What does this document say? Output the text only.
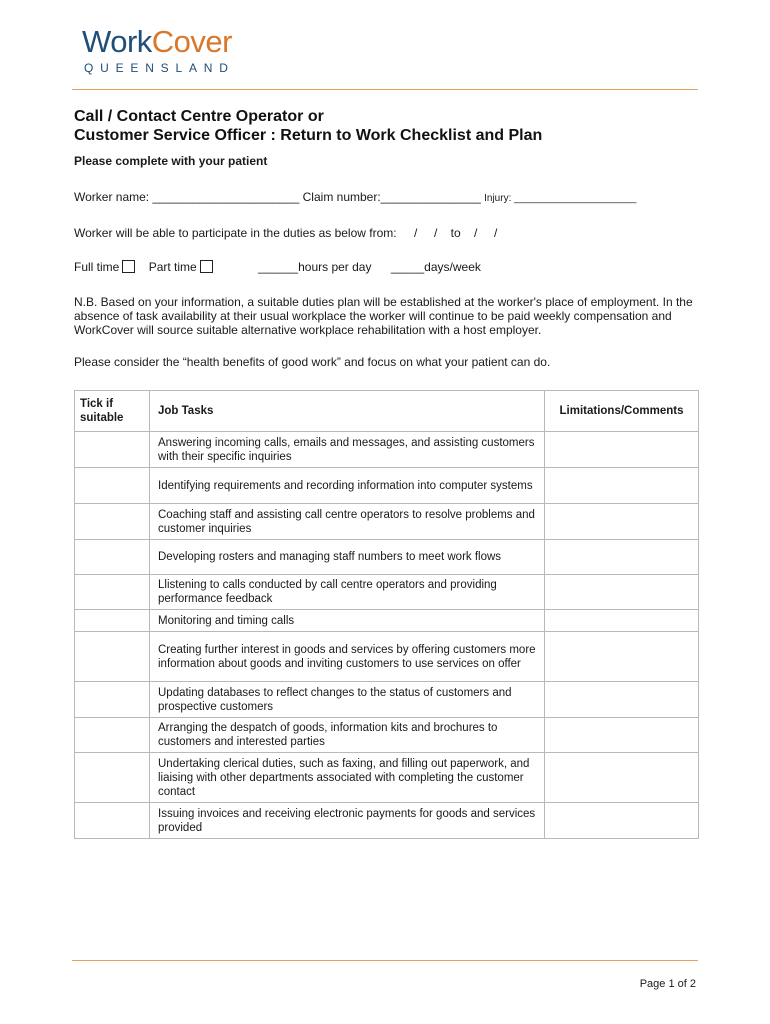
WorkCover
QUEENSLAND
Call / Contact Centre Operator or
Customer Service Officer : Return to Work Checklist and Plan
Please complete with your patient
Worker name: ______________________ Claim number:_______________ Injury: ______________________
Worker will be able to participate in the duties as below from: /     /    to    /     /
Full time Part time	______hours per day _____days/week
N.B. Based on your information, a suitable duties plan will be established at the worker's place of employment. In the absence of task availability at their usual workplace the worker will continue to be paid weekly compensation and WorkCover will source suitable alternative workplace rehabilitation with a host employer.
Please consider the “health benefits of good work” and focus on what your patient can do.
Tick if suitable	Job Tasks	Limitations/Comments
	Answering incoming calls, emails and messages, and assisting customers with their specific inquiries	
	Identifying requirements and recording information into computer systems	
	Coaching staff and assisting call centre operators to resolve problems and customer inquiries	
	Developing rosters and managing staff numbers to meet work flows	
	Llistening to calls conducted by call centre operators and providing performance feedback	
	Monitoring and timing calls	
	Creating further interest in goods and services by offering customers more information about goods and inviting customers to use services on offer	
	Updating databases to reflect changes to the status of customers and prospective customers	
	Arranging the despatch of goods, information kits and brochures to customers and interested parties	
	Undertaking clerical duties, such as faxing, and filling out paperwork, and liaising with other departments associated with completing the customer contact	
	Issuing invoices and receiving electronic payments for goods and services provided	
Page 1 of 2
